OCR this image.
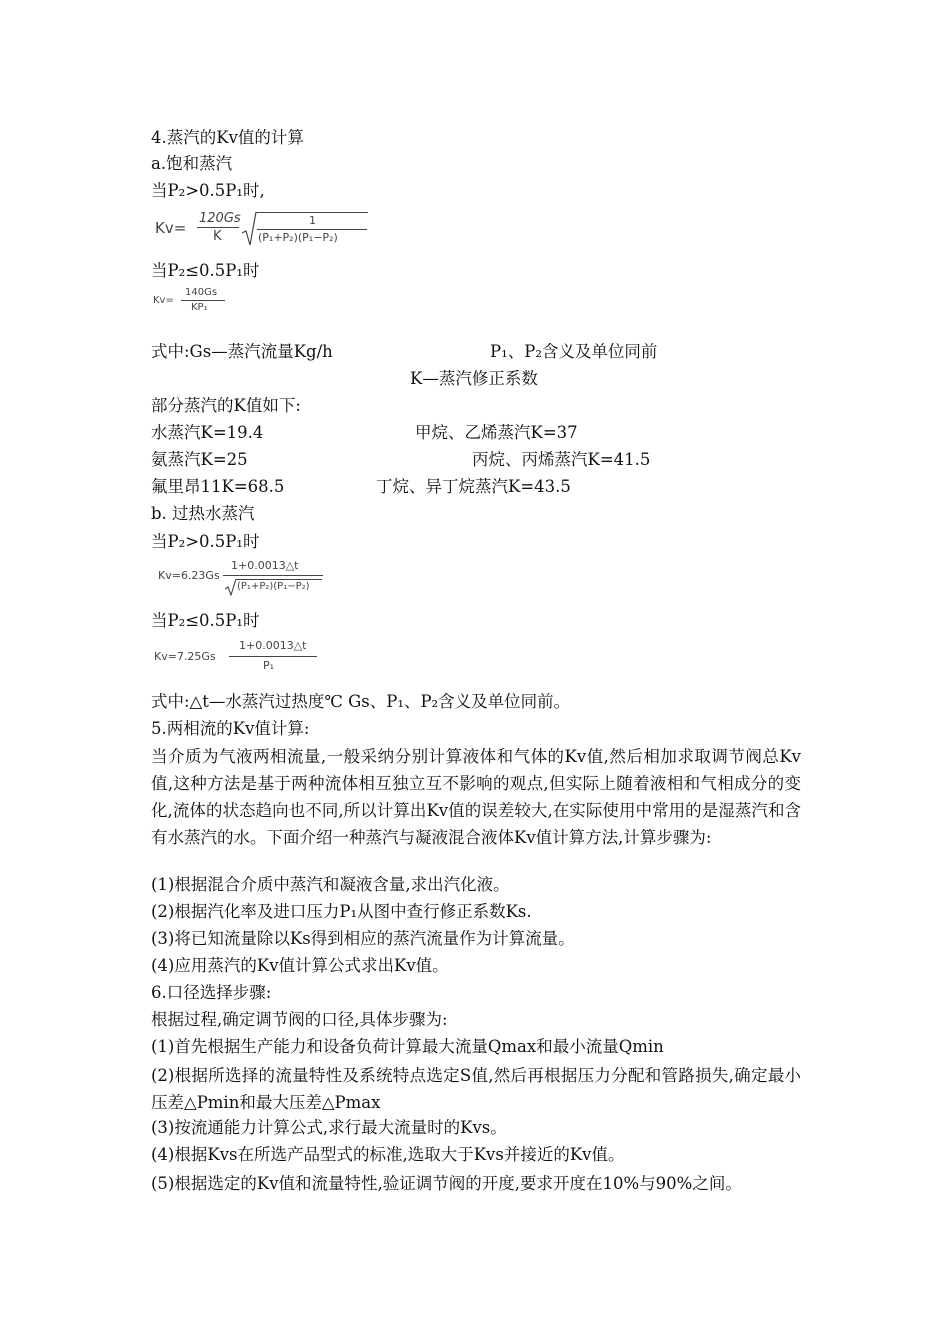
4.蒸汽的Kv值的计算
a.饱和蒸汽
当P₂>0.5P₁时,
Kv=
120Gs
K
1
(P₁+P₂)(P₁−P₂)
当P₂≤0.5P₁时
Kv=
140Gs
KP₁
式中:Gs—蒸汽流量Kg/h	P₁、P₂含义及单位同前
K—蒸汽修正系数
部分蒸汽的K值如下:
水蒸汽K=19.4	甲烷、乙烯蒸汽K=37
氨蒸汽K=25	丙烷、丙烯蒸汽K=41.5
氟里昂11K=68.5	丁烷、异丁烷蒸汽K=43.5
b. 过热水蒸汽
当P₂>0.5P₁时
Kv=6.23Gs
1+0.0013△t
(P₁+P₂)(P₁−P₂)
当P₂≤0.5P₁时
Kv=7.25Gs
1+0.0013△t
P₁
式中:△t—水蒸汽过热度℃ Gs、P₁、P₂含义及单位同前。
5.两相流的Kv值计算:
当介质为气液两相流量,一般采纳分别计算液体和气体的Kv值,然后相加求取调节阀总Kv值,这种方法是基于两种流体相互独立互不影响的观点,但实际上随着液相和气相成分的变化,流体的状态趋向也不同,所以计算出Kv值的误差较大,在实际使用中常用的是湿蒸汽和含有水蒸汽的水。下面介绍一种蒸汽与凝液混合液体Kv值计算方法,计算步骤为:
(1)根据混合介质中蒸汽和凝液含量,求出汽化液。
(2)根据汽化率及进口压力P₁从图中查行修正系数Ks.
(3)将已知流量除以Ks得到相应的蒸汽流量作为计算流量。
(4)应用蒸汽的Kv值计算公式求出Kv值。
6.口径选择步骤:
根据过程,确定调节阀的口径,具体步骤为:
(1)首先根据生产能力和设备负荷计算最大流量Qmax和最小流量Qmin
(2)根据所选择的流量特性及系统特点选定S值,然后再根据压力分配和管路损失,确定最小压差△Pmin和最大压差△Pmax
(3)按流通能力计算公式,求行最大流量时的Kvs。
(4)根据Kvs在所选产品型式的标准,选取大于Kvs并接近的Kv值。
(5)根据选定的Kv值和流量特性,验证调节阀的开度,要求开度在10%与90%之间。
